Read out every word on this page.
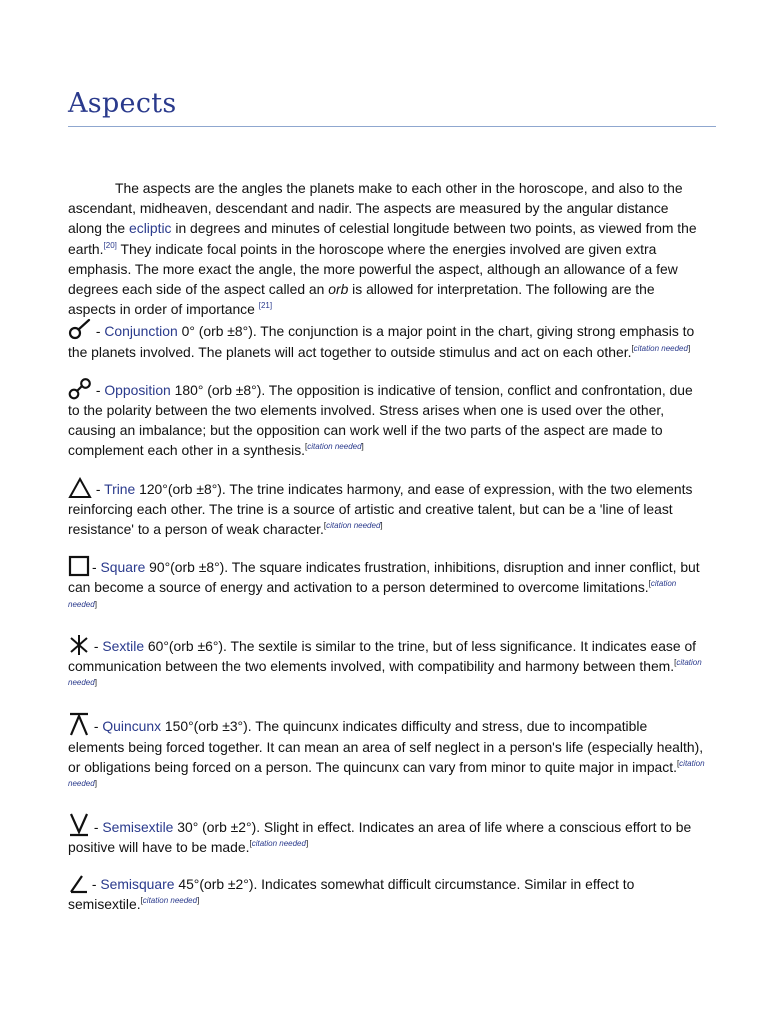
Aspects

The aspects are the angles the planets make to each other in the horoscope, and also to the ascendant, midheaven, descendant and nadir. The aspects are measured by the angular distance along the ecliptic in degrees and minutes of celestial longitude between two points, as viewed from the earth.[20] They indicate focal points in the horoscope where the energies involved are given extra emphasis. The more exact the angle, the more powerful the aspect, although an allowance of a few degrees each side of the aspect called an orb is allowed for interpretation. The following are the aspects in order of importance [21]

- Conjunction 0° (orb ±8°). The conjunction is a major point in the chart, giving strong emphasis to the planets involved. The planets will act together to outside stimulus and act on each other.[citation needed]

- Opposition 180° (orb ±8°). The opposition is indicative of tension, conflict and confrontation, due to the polarity between the two elements involved. Stress arises when one is used over the other, causing an imbalance; but the opposition can work well if the two parts of the aspect are made to complement each other in a synthesis.[citation needed]

- Trine 120°(orb ±8°). The trine indicates harmony, and ease of expression, with the two elements reinforcing each other. The trine is a source of artistic and creative talent, but can be a 'line of least resistance' to a person of weak character.[citation needed]

- Square 90°(orb ±8°). The square indicates frustration, inhibitions, disruption and inner conflict, but can become a source of energy and activation to a person determined to overcome limitations.[citation needed]

- Sextile 60°(orb ±6°). The sextile is similar to the trine, but of less significance. It indicates ease of communication between the two elements involved, with compatibility and harmony between them.[citation needed]

- Quincunx 150°(orb ±3°). The quincunx indicates difficulty and stress, due to incompatible elements being forced together. It can mean an area of self neglect in a person's life (especially health), or obligations being forced on a person. The quincunx can vary from minor to quite major in impact.[citation needed]

- Semisextile 30° (orb ±2°). Slight in effect. Indicates an area of life where a conscious effort to be positive will have to be made.[citation needed]

- Semisquare 45°(orb ±2°). Indicates somewhat difficult circumstance. Similar in effect to semisextile.[citation needed]
